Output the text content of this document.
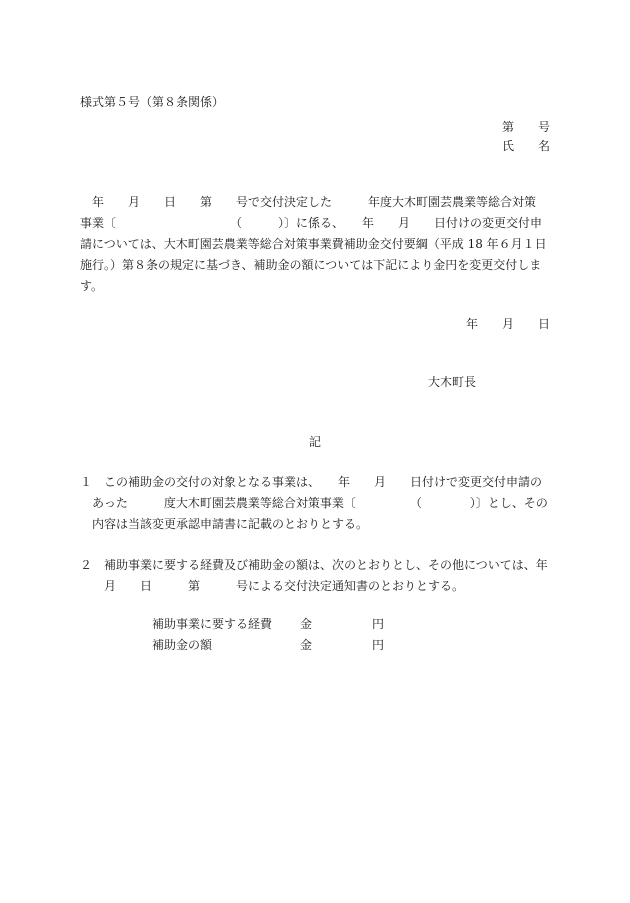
様式第５号（第８条関係）
第　　号
氏　　名
　年　　月　　日　　第　　号で交付決定した　　　年度大木町園芸農業等総合対策
事業〔　　　　　　　　　　（　　　）〕に係る、　　年　　月　　日付けの変更交付申
請については、大木町園芸農業等総合対策事業費補助金交付要綱（平成 18 年６月１日
施行。）第８条の規定に基づき、補助金の額については下記により金円を変更交付しま
す。
年　　月　　日
大木町長
記
１　この補助金の交付の対象となる事業は、　　年　　月　　日付けで変更交付申請の
　あった　　　度大木町園芸農業等総合対策事業〔　　　　　（　　　　）〕とし、その
　内容は当該変更承認申請書に記載のとおりとする。
２　補助事業に要する経費及び補助金の額は、次のとおりとし、その他については、年
　　月　　日　　　第　　　号による交付決定通知書のとおりとする。
補助事業に要する経費 金	円
補助金の額	金	円
